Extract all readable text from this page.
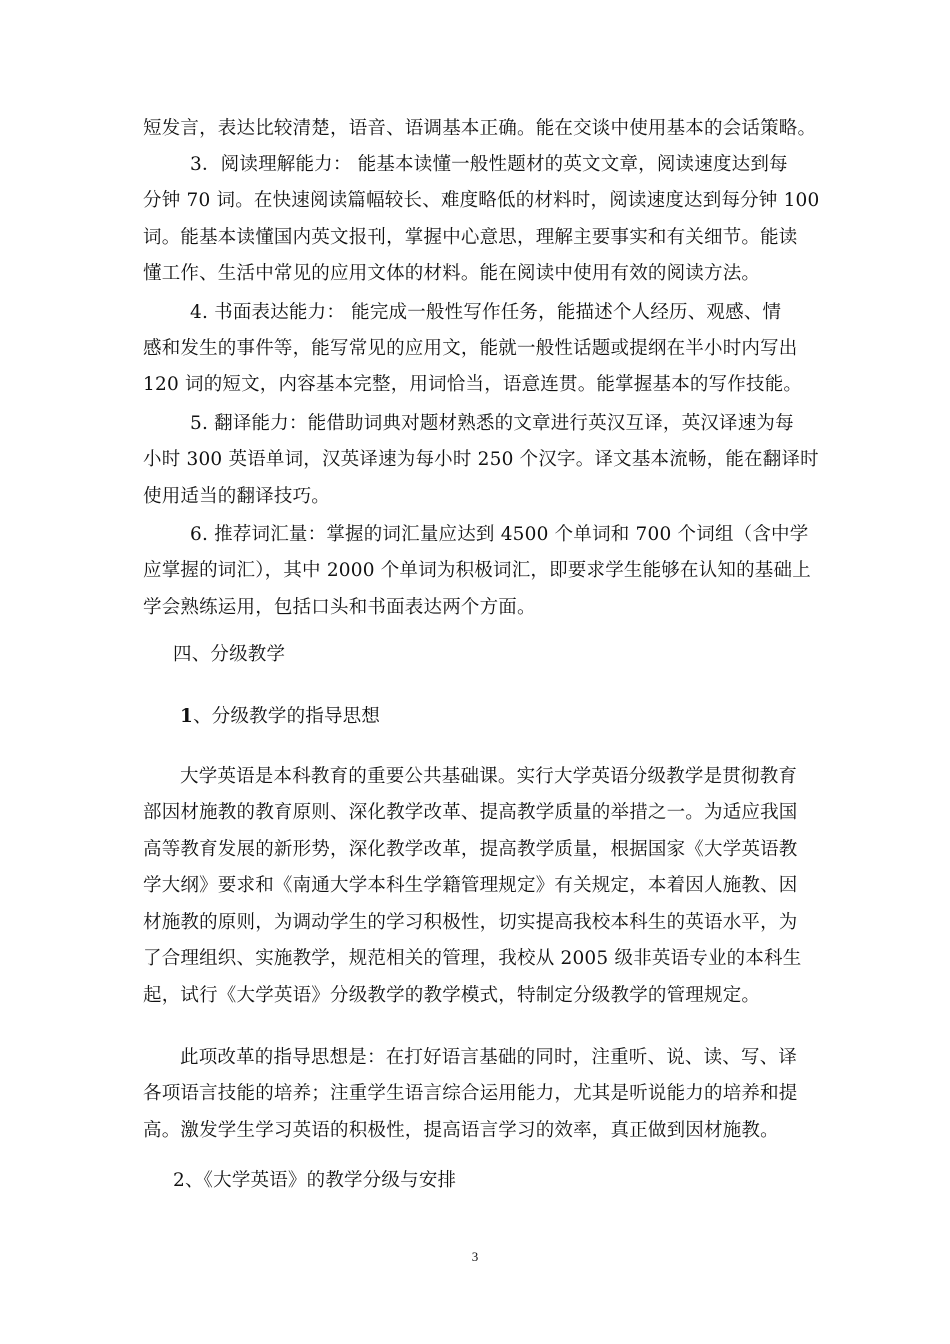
短发言，表达比较清楚，语音、语调基本正确。能在交谈中使用基本的会话策略。
3．阅读理解能力： 能基本读懂一般性题材的英文文章，阅读速度达到每
分钟 70 词。在快速阅读篇幅较长、难度略低的材料时，阅读速度达到每分钟 100
词。能基本读懂国内英文报刊，掌握中心意思，理解主要事实和有关细节。能读
懂工作、生活中常见的应用文体的材料。能在阅读中使用有效的阅读方法。
4. 书面表达能力： 能完成一般性写作任务，能描述个人经历、观感、情
感和发生的事件等，能写常见的应用文，能就一般性话题或提纲在半小时内写出
120 词的短文，内容基本完整，用词恰当，语意连贯。能掌握基本的写作技能。
5. 翻译能力：能借助词典对题材熟悉的文章进行英汉互译，英汉译速为每
小时 300 英语单词，汉英译速为每小时 250 个汉字。译文基本流畅，能在翻译时
使用适当的翻译技巧。
6. 推荐词汇量：掌握的词汇量应达到 4500 个单词和 700 个词组（含中学
应掌握的词汇），其中 2000 个单词为积极词汇，即要求学生能够在认知的基础上
学会熟练运用，包括口头和书面表达两个方面。
四、分级教学
1、分级教学的指导思想
大学英语是本科教育的重要公共基础课。实行大学英语分级教学是贯彻教育
部因材施教的教育原则、深化教学改革、提高教学质量的举措之一。为适应我国
高等教育发展的新形势，深化教学改革，提高教学质量，根据国家《大学英语教
学大纲》要求和《南通大学本科生学籍管理规定》有关规定，本着因人施教、因
材施教的原则，为调动学生的学习积极性，切实提高我校本科生的英语水平，为
了合理组织、实施教学，规范相关的管理，我校从 2005 级非英语专业的本科生
起，试行《大学英语》分级教学的教学模式，特制定分级教学的管理规定。
此项改革的指导思想是：在打好语言基础的同时，注重听、说、读、写、译
各项语言技能的培养；注重学生语言综合运用能力，尤其是听说能力的培养和提
高。激发学生学习英语的积极性，提高语言学习的效率，真正做到因材施教。
2、《大学英语》的教学分级与安排
3
